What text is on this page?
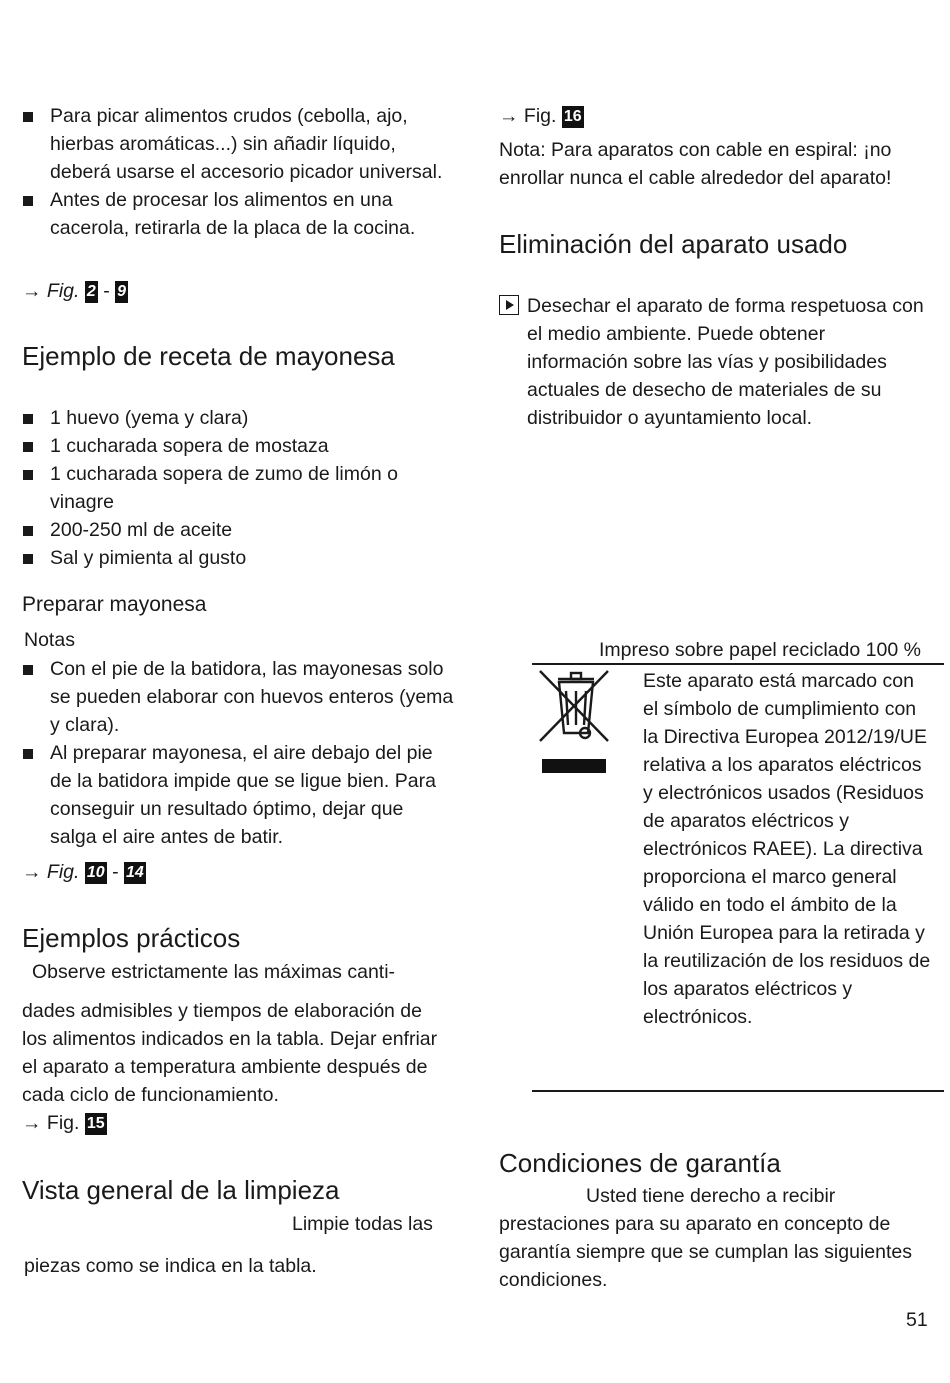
Para picar alimentos crudos (cebolla, ajo, hierbas aromáticas...) sin añadir líquido, deberá usarse el accesorio picador universal.
Antes de procesar los alimentos en una cacerola, retirarla de la placa de la cocina.
→ Fig. 2 - 9
Ejemplo de receta de mayonesa
1 huevo (yema y clara)
1 cucharada sopera de mostaza
1 cucharada sopera de zumo de limón o vinagre
200-250 ml de aceite
Sal y pimienta al gusto
Preparar mayonesa
Notas
Con el pie de la batidora, las mayonesas solo se pueden elaborar con huevos enteros (yema y clara).
Al preparar mayonesa, el aire debajo del pie de la batidora impide que se ligue bien. Para conseguir un resultado óptimo, dejar que salga el aire antes de batir.
→ Fig. 10 - 14
Ejemplos prácticos
Observe estrictamente las máximas canti-
dades admisibles y tiempos de elaboración de los alimentos indicados en la tabla. Dejar enfriar el aparato a temperatura ambiente después de cada ciclo de funcionamiento.
→ Fig. 15
Vista general de la limpieza
Limpie todas las
piezas como se indica en la tabla.
→ Fig. 16
Nota: Para aparatos con cable en espiral: ¡no enrollar nunca el cable alrededor del aparato!
Eliminación del aparato usado
Desechar el aparato de forma respetuosa con el medio ambiente. Puede obtener información sobre las vías y posibilidades actuales de desecho de materiales de su distribuidor o ayuntamiento local.
Impreso sobre papel reciclado 100 %
Este aparato está marcado con el símbolo de cumplimiento con la Directiva Europea 2012/19/UE relativa a los aparatos eléctricos y electrónicos usados (Residuos de aparatos eléctricos y electrónicos RAEE). La directiva proporciona el marco general válido en todo el ámbito de la Unión Europea para la retirada y la reutilización de los residuos de los aparatos eléctricos y electrónicos.
Condiciones de garantía
Usted tiene derecho a recibir
prestaciones para su aparato en concepto de garantía siempre que se cumplan las siguientes condiciones.
51
